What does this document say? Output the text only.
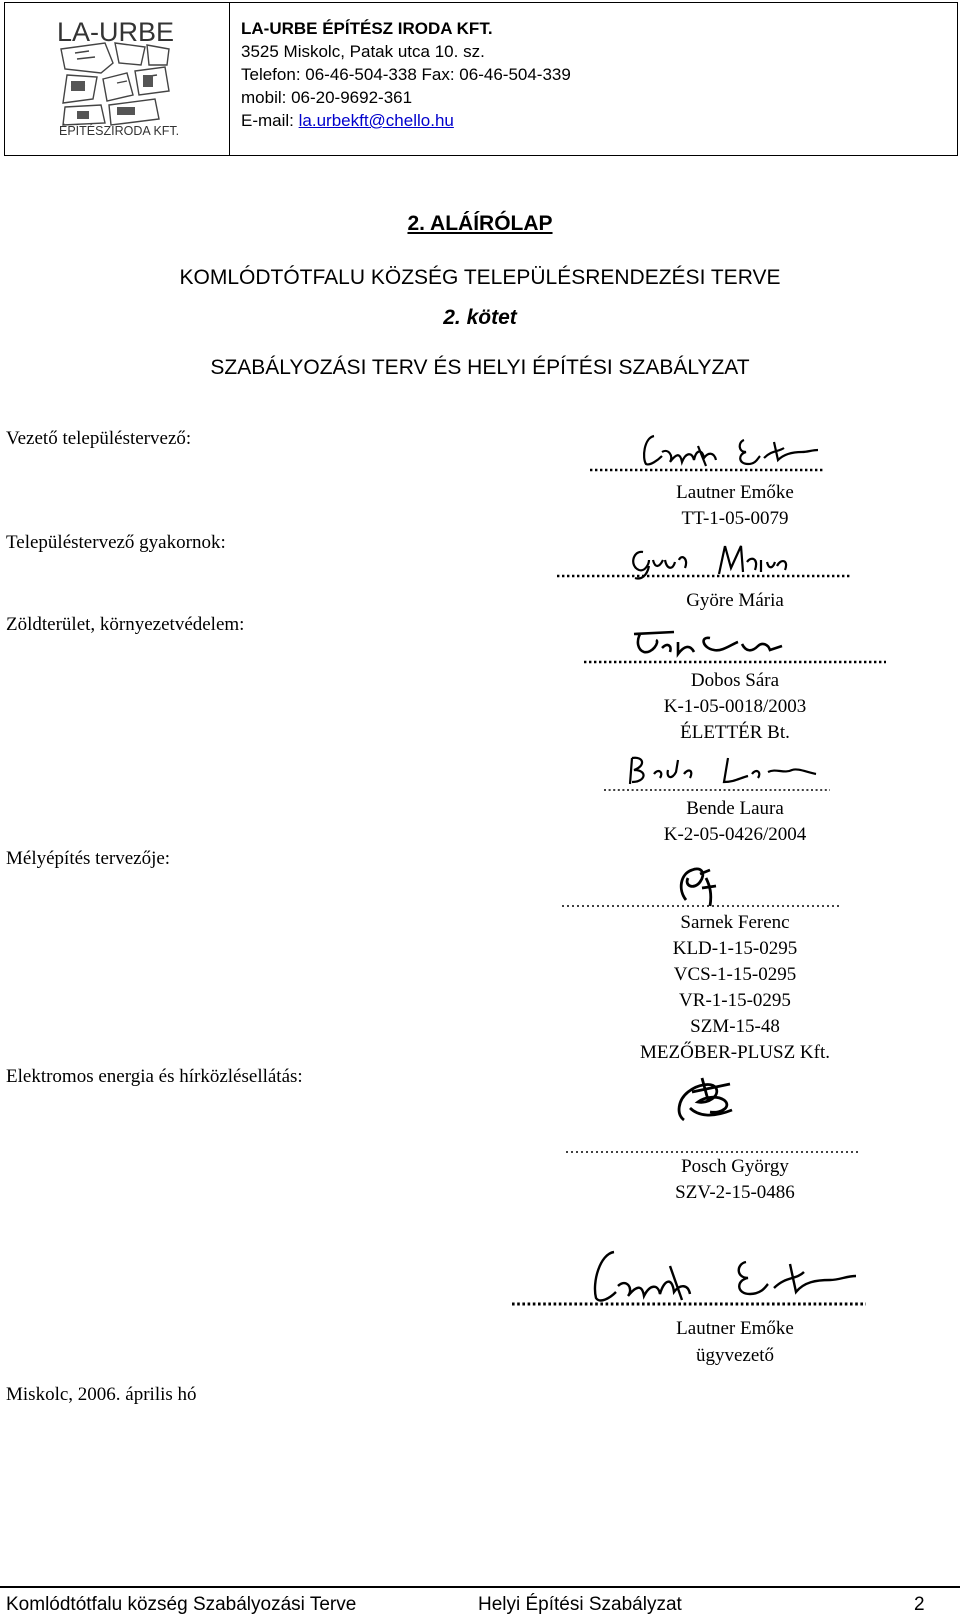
LA-URBE
ÉPÍTÉSZIRODA KFT.
LA-URBE ÉPÍTÉSZ IRODA KFT.
3525 Miskolc, Patak utca 10. sz.
Telefon: 06-46-504-338 Fax: 06-46-504-339
mobil: 06-20-9692-361
E-mail: la.urbekft@chello.hu
2. ALÁÍRÓLAP
KOMLÓDTÓTFALU KÖZSÉG TELEPÜLÉSRENDEZÉSI TERVE
2. kötet
SZABÁLYOZÁSI TERV ÉS HELYI ÉPÍTÉSI SZABÁLYZAT
Vezető településtervező:
Településtervező gyakornok:
Zöldterület, környezetvédelem:
Mélyépítés tervezője:
Elektromos energia és hírközlésellátás:
Miskolc, 2006. április hó
Lautner Emőke
TT-1-05-0079
Györe Mária
Dobos Sára
K-1-05-0018/2003
ÉLETTÉR Bt.
Bende Laura
K-2-05-0426/2004
Sarnek Ferenc
KLD-1-15-0295
VCS-1-15-0295
VR-1-15-0295
SZM-15-48
MEZŐBER-PLUSZ Kft.
Posch György
SZV-2-15-0486
Lautner Emőke
ügyvezető
Komlódtótfalu község Szabályozási Terve	Helyi Építési Szabályzat	2
